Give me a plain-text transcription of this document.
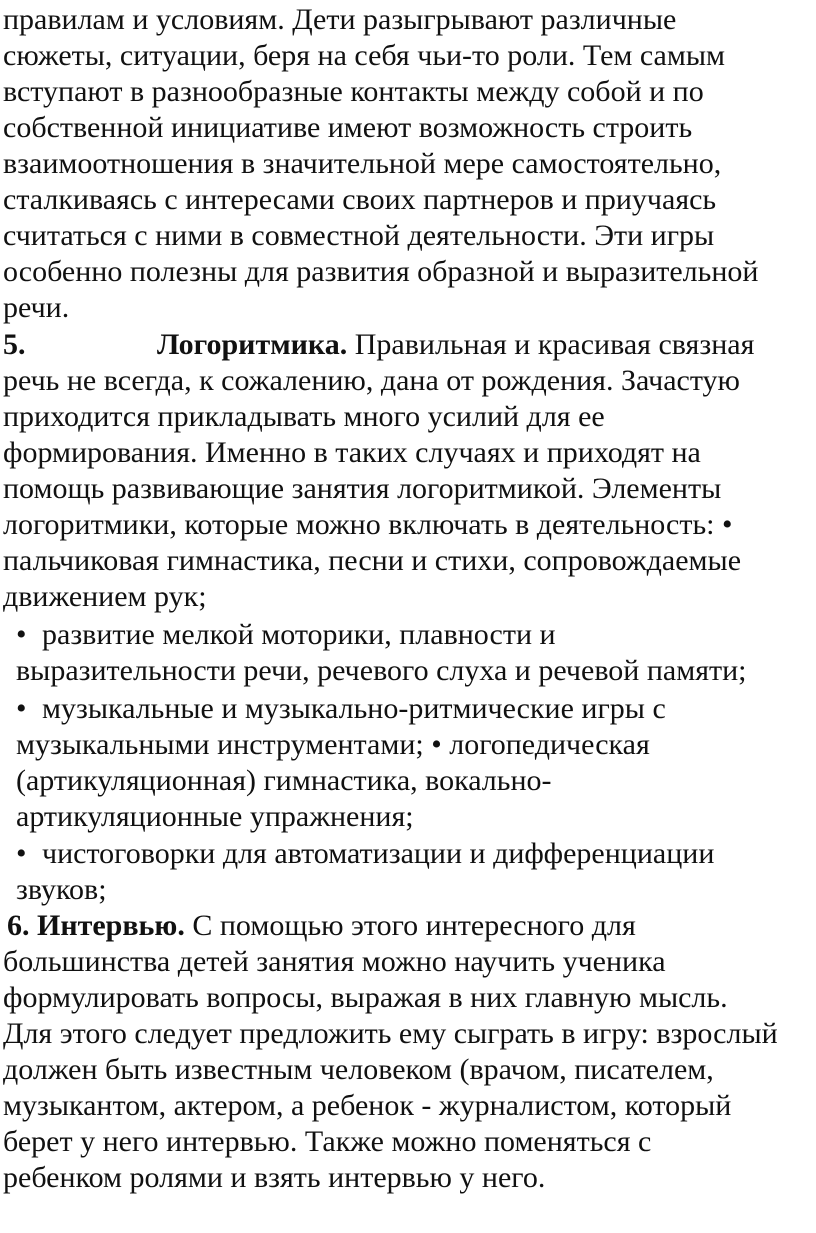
правилам и условиям. Дети разыгрывают различные
сюжеты, ситуации, беря на себя чьи-то роли. Тем самым
вступают в разнообразные контакты между собой и по
собственной инициативе имеют возможность строить
взаимоотношения в значительной мере самостоятельно,
сталкиваясь с интересами своих партнеров и приучаясь
считаться с ними в совместной деятельности. Эти игры
особенно полезны для развития образной и выразительной
речи.
5.	Логоритмика. Правильная и красивая связная
речь не всегда, к сожалению, дана от рождения. Зачастую
приходится прикладывать много усилий для ее
формирования. Именно в таких случаях и приходят на
помощь развивающие занятия логоритмикой. Элементы
логоритмики, которые можно включать в деятельность: •
пальчиковая гимнастика, песни и стихи, сопровождаемые
движением рук;
• развитие мелкой моторики, плавности и
выразительности речи, речевого слуха и речевой памяти;
• музыкальные и музыкально-ритмические игры с
музыкальными инструментами; • логопедическая
(артикуляционная) гимнастика, вокально-
артикуляционные упражнения;
• чистоговорки для автоматизации и дифференциации
звуков;
6. Интервью. С помощью этого интересного для
большинства детей занятия можно научить ученика
формулировать вопросы, выражая в них главную мысль.
Для этого следует предложить ему сыграть в игру: взрослый
должен быть известным человеком (врачом, писателем,
музыкантом, актером, а ребенок - журналистом, который
берет у него интервью. Также можно поменяться с
ребенком ролями и взять интервью у него.
